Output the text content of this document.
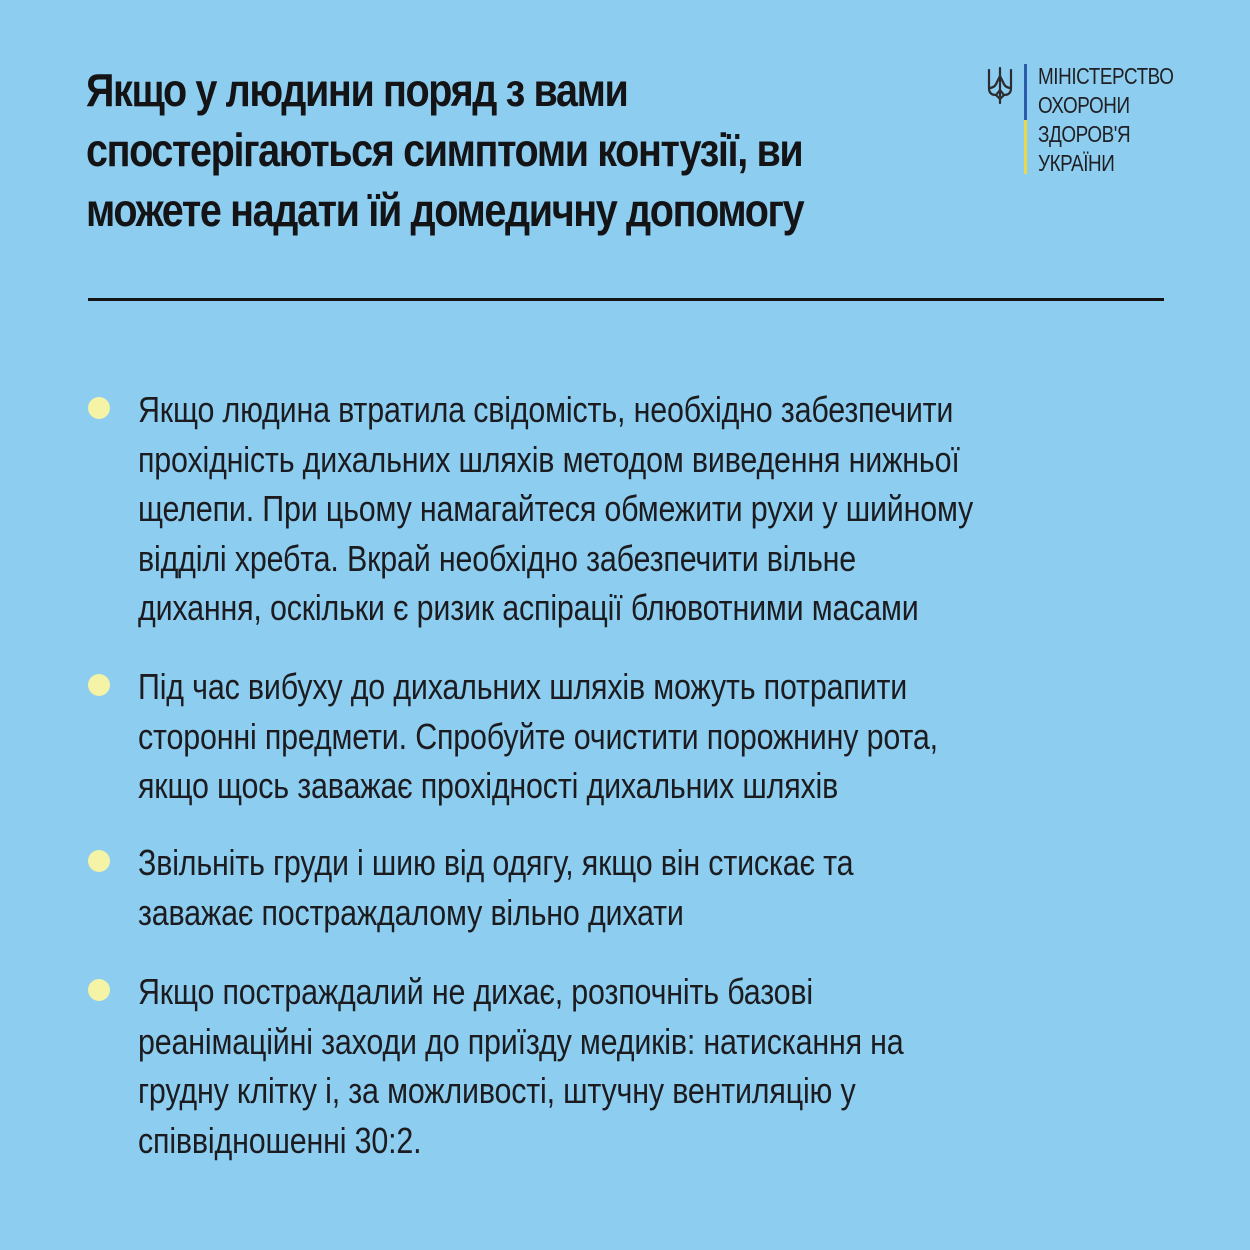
Якщо у людини поряд з вами
спостерігаються симптоми контузії, ви
можете надати їй домедичну допомогу
МІНІСТЕРСТВО
ОХОРОНИ
ЗДОРОВ'Я
УКРАЇНИ
Якщо людина втратила свідомість, необхідно забезпечити
прохідність дихальних шляхів методом виведення нижньої
щелепи. При цьому намагайтеся обмежити рухи у шийному
відділі хребта. Вкрай необхідно забезпечити вільне
дихання, оскільки є ризик аспірації блювотними масами
Під час вибуху до дихальних шляхів можуть потрапити
сторонні предмети. Спробуйте очистити порожнину рота,
якщо щось заважає прохідності дихальних шляхів
Звільніть груди і шию від одягу, якщо він стискає та
заважає постраждалому вільно дихати
Якщо постраждалий не дихає, розпочніть базові
реанімаційні заходи до приїзду медиків: натискання на
грудну клітку і, за можливості, штучну вентиляцію у
співвідношенні 30:2.
